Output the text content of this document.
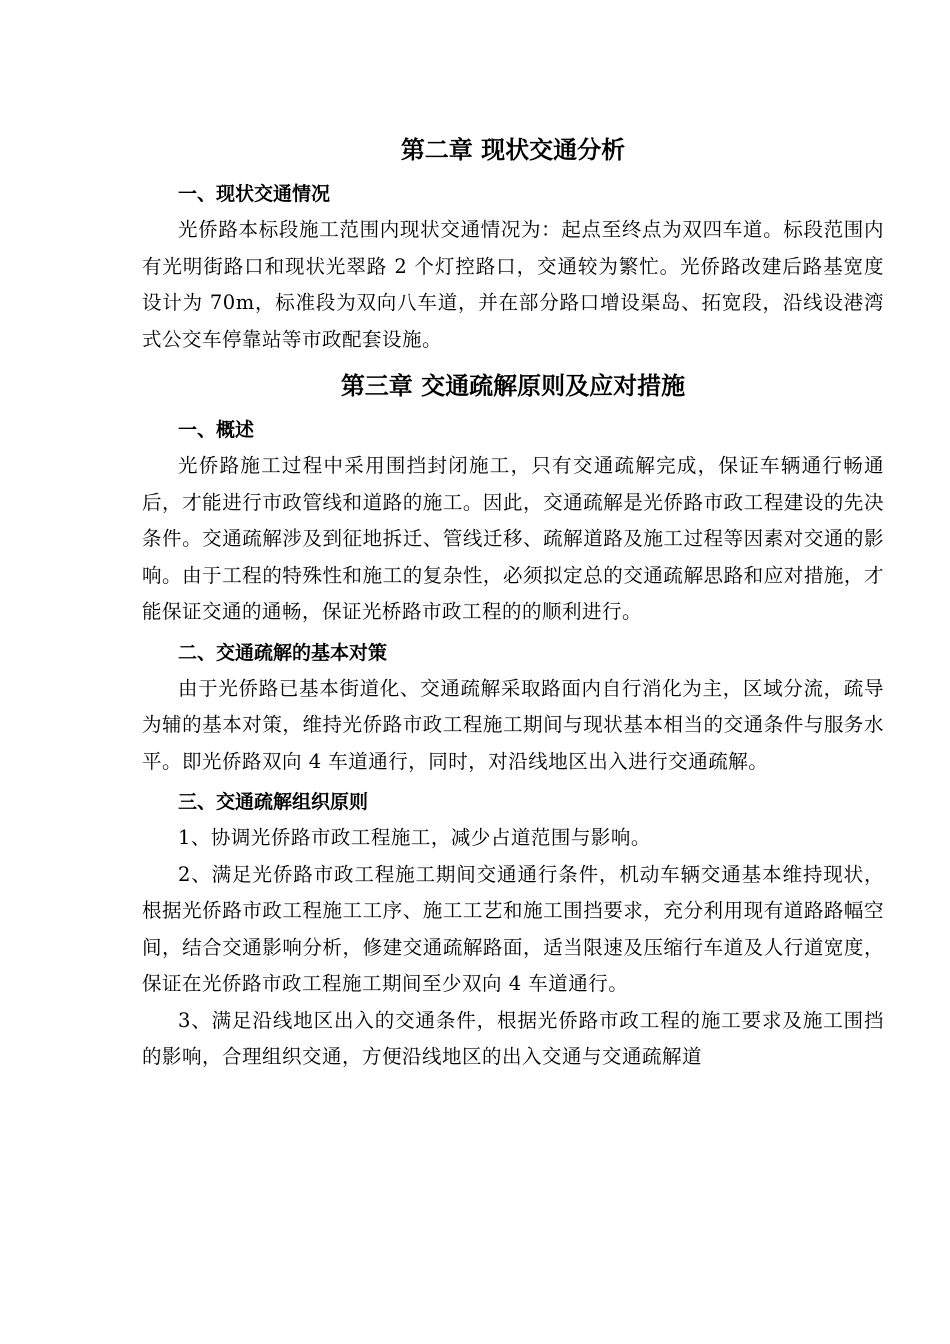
第二章 现状交通分析
一、现状交通情况

光侨路本标段施工范围内现状交通情况为：起点至终点为双四车道。标段范围内有光明街路口和现状光翠路 2 个灯控路口，交通较为繁忙。光侨路改建后路基宽度设计为 70m，标准段为双向八车道，并在部分路口增设渠岛、拓宽段，沿线设港湾式公交车停靠站等市政配套设施。

第三章 交通疏解原则及应对措施
一、概述

光侨路施工过程中采用围挡封闭施工，只有交通疏解完成，保证车辆通行畅通后，才能进行市政管线和道路的施工。因此，交通疏解是光侨路市政工程建设的先决条件。交通疏解涉及到征地拆迁、管线迁移、疏解道路及施工过程等因素对交通的影响。由于工程的特殊性和施工的复杂性，必须拟定总的交通疏解思路和应对措施，才能保证交通的通畅，保证光桥路市政工程的的顺利进行。

二、交通疏解的基本对策

由于光侨路已基本街道化、交通疏解采取路面内自行消化为主，区域分流，疏导为辅的基本对策，维持光侨路市政工程施工期间与现状基本相当的交通条件与服务水平。即光侨路双向 4 车道通行，同时，对沿线地区出入进行交通疏解。

三、交通疏解组织原则

1、协调光侨路市政工程施工，减少占道范围与影响。

2、满足光侨路市政工程施工期间交通通行条件，机动车辆交通基本维持现状，根据光侨路市政工程施工工序、施工工艺和施工围挡要求，充分利用现有道路路幅空间，结合交通影响分析，修建交通疏解路面，适当限速及压缩行车道及人行道宽度，保证在光侨路市政工程施工期间至少双向 4 车道通行。

3、满足沿线地区出入的交通条件，根据光侨路市政工程的施工要求及施工围挡的影响，合理组织交通，方便沿线地区的出入交通与交通疏解道
